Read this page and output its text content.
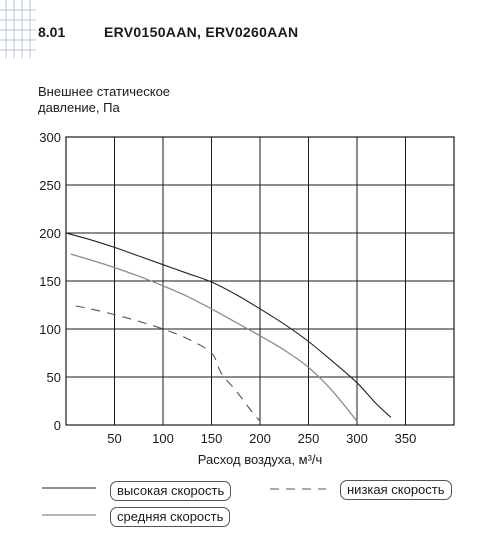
8.01	ERV0150AAN, ERV0260AAN
Внешнее статическое
давление, Па
0
50
100
150
200
250
300
50 100 150 200 250 300 350
Расход воздуха, м³/ч
высокая скорость	низкая скорость
средняя скорость
